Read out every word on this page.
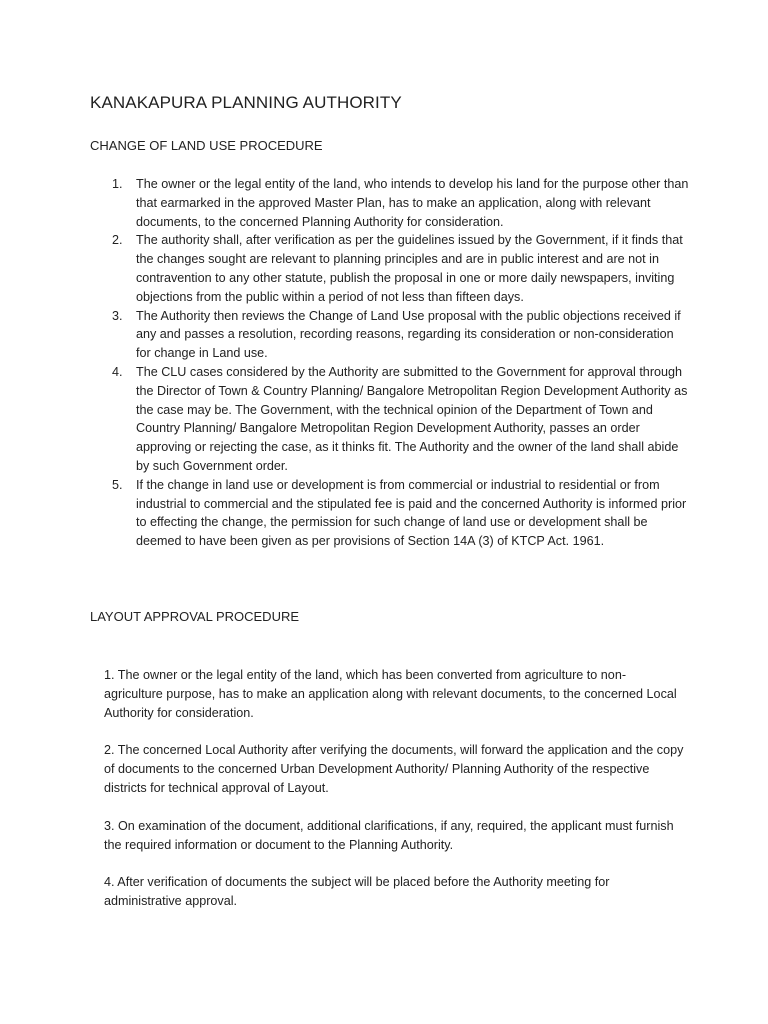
KANAKAPURA PLANNING AUTHORITY
CHANGE OF LAND USE PROCEDURE
1. The owner or the legal entity of the land, who intends to develop his land for the purpose other than that earmarked in the approved Master Plan, has to make an application, along with relevant documents, to the concerned Planning Authority for consideration.
2. The authority shall, after verification as per the guidelines issued by the Government, if it finds that the changes sought are relevant to planning principles and are in public interest and are not in contravention to any other statute, publish the proposal in one or more daily newspapers, inviting objections from the public within a period of not less than fifteen days.
3. The Authority then reviews the Change of Land Use proposal with the public objections received if any and passes a resolution, recording reasons, regarding its consideration or non-consideration for change in Land use.
4. The CLU cases considered by the Authority are submitted to the Government for approval through the Director of Town & Country Planning/ Bangalore Metropolitan Region Development Authority as the case may be. The Government, with the technical opinion of the Department of Town and Country Planning/ Bangalore Metropolitan Region Development Authority, passes an order approving or rejecting the case, as it thinks fit. The Authority and the owner of the land shall abide by such Government order.
5. If the change in land use or development is from commercial or industrial to residential or from industrial to commercial and the stipulated fee is paid and the concerned Authority is informed prior to effecting the change, the permission for such change of land use or development shall be deemed to have been given as per provisions of Section 14A (3) of KTCP Act. 1961.
LAYOUT APPROVAL PROCEDURE

1. The owner or the legal entity of the land, which has been converted from agriculture to non-agriculture purpose, has to make an application along with relevant documents, to the concerned Local Authority for consideration.

2. The concerned Local Authority after verifying the documents, will forward the application and the copy of documents to the concerned Urban Development Authority/ Planning Authority of the respective districts for technical approval of Layout.

3. On examination of the document, additional clarifications, if any, required, the applicant must furnish the required information or document to the Planning Authority.

4. After verification of documents the subject will be placed before the Authority meeting for administrative approval.
